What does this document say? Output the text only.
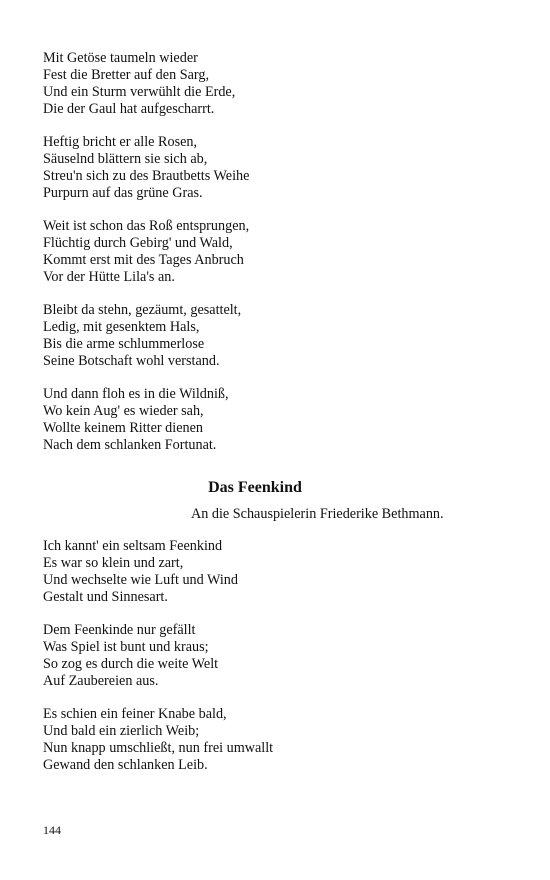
Mit Getöse taumeln wieder
Fest die Bretter auf den Sarg,
Und ein Sturm verwühlt die Erde,
Die der Gaul hat aufgescharrt.
Heftig bricht er alle Rosen,
Säuselnd blättern sie sich ab,
Streu'n sich zu des Brautbetts Weihe
Purpurn auf das grüne Gras.
Weit ist schon das Roß entsprungen,
Flüchtig durch Gebirg' und Wald,
Kommt erst mit des Tages Anbruch
Vor der Hütte Lila's an.
Bleibt da stehn, gezäumt, gesattelt,
Ledig, mit gesenktem Hals,
Bis die arme schlummerlose
Seine Botschaft wohl verstand.
Und dann floh es in die Wildniß,
Wo kein Aug' es wieder sah,
Wollte keinem Ritter dienen
Nach dem schlanken Fortunat.
Das Feenkind
An die Schauspielerin Friederike Bethmann.
Ich kannt' ein seltsam Feenkind
Es war so klein und zart,
Und wechselte wie Luft und Wind
Gestalt und Sinnesart.
Dem Feenkinde nur gefällt
Was Spiel ist bunt und kraus;
So zog es durch die weite Welt
Auf Zaubereien aus.
Es schien ein feiner Knabe bald,
Und bald ein zierlich Weib;
Nun knapp umschließt, nun frei umwallt
Gewand den schlanken Leib.
144
